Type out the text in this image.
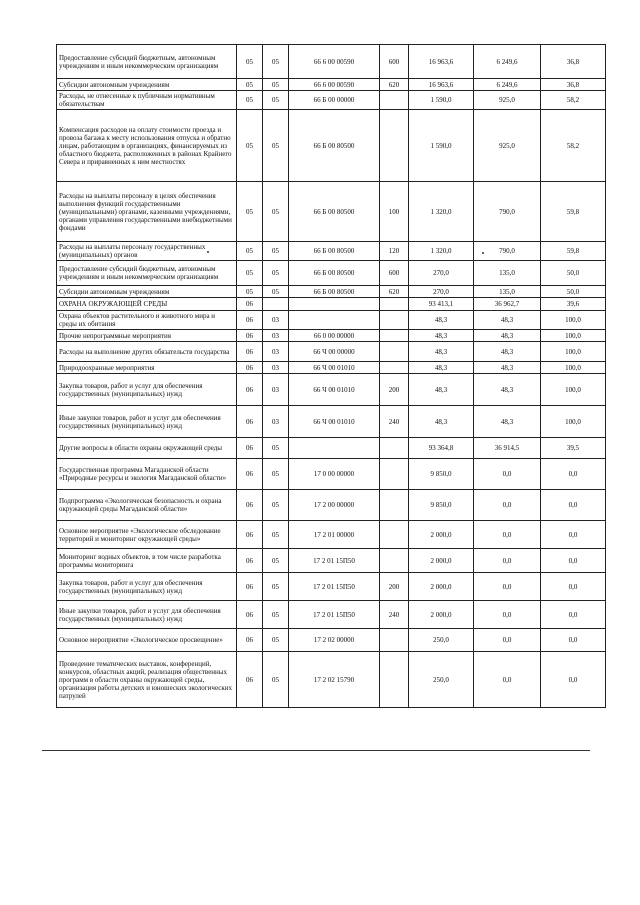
Предоставление субсидий бюджетным, автономным учреждениям и иным некоммерческим организациям	05	05	66 6 00 00590	600	16 963,6	6 249,6	36,8
Субсидии автономным учреждениям	05	05	66 6 00 00590	620	16 963,6	6 249,6	36,8
Расходы, не отнесенные к публичным нормативным обязательствам	05	05	66 Б 00 00000		1 590,0	925,0	58,2
Компенсация расходов на оплату стоимости проезда и провоза багажа к месту использования отпуска и обратно лицам, работающим в организациях, финансируемых из областного бюджета, расположенных в районах Крайнего Севера и приравненных к ним местностях	05	05	66 Б 00 80500		1 590,0	925,0	58,2
Расходы на выплаты персоналу в целях обеспечения выполнения функций государственными (муниципальными) органами, казенными учреждениями, органами управления государственными внебюджетными фондами	05	05	66 Б 00 80500	100	1 320,0	790,0	59,8
Расходы на выплаты персоналу государственных (муниципальных) органов	05	05	66 Б 00 80500	120	1 320,0	790,0	59,8
Предоставление субсидий бюджетным, автономным учреждениям и иным некоммерческим организациям	05	05	66 Б 00 80500	600	270,0	135,0	50,0
Субсидии автономным учреждениям	05	05	66 Б 00 80500	620	270,0	135,0	50,0
ОХРАНА ОКРУЖАЮЩЕЙ СРЕДЫ	06				93 413,1	36 962,7	39,6
Охрана объектов растительного и животного мира и среды их обитания	06	03			48,3	48,3	100,0
Прочие непрограммные мероприятия	06	03	66 0 00 00000		48,3	48,3	100,0
Расходы на выполнение других обязательств государства	06	03	66 Ч 00 00000		48,3	48,3	100,0
Природоохранные мероприятия	06	03	66 Ч 00 01010		48,3	48,3	100,0
Закупка товаров, работ и услуг для обеспечения государственных (муниципальных) нужд	06	03	66 Ч 00 01010	200	48,3	48,3	100,0
Иные закупки товаров, работ и услуг для обеспечения государственных (муниципальных) нужд	06	03	66 Ч 00 01010	240	48,3	48,3	100,0
Другие вопросы в области охраны окружающей среды	06	05			93 364,8	36 914,5	39,5
Государственная программа Магаданской области «Природные ресурсы и экология Магаданской области»	06	05	17 0 00 00000		9 850,0	0,0	0,0
Подпрограмма «Экологическая безопасность и охрана окружающей среды Магаданской области»	06	05	17 2 00 00000		9 850,0	0,0	0,0
Основное мероприятие «Экологическое обследование территорий и мониторинг окружающей среды»	06	05	17 2 01 00000		2 000,0	0,0	0,0
Мониторинг водных объектов, в том числе разработка программы мониторинга	06	05	17 2 01 15П50		2 000,0	0,0	0,0
Закупка товаров, работ и услуг для обеспечения государственных (муниципальных) нужд	06	05	17 2 01 15П50	200	2 000,0	0,0	0,0
Иные закупки товаров, работ и услуг для обеспечения государственных (муниципальных) нужд	06	05	17 2 01 15П50	240	2 000,0	0,0	0,0
Основное мероприятие «Экологическое просвещение»	06	05	17 2 02 00000		250,0	0,0	0,0
Проведение тематических выставок, конференций, конкурсов, областных акций, реализация общественных программ в области охраны окружающей среды, организация работы детских и юношеских экологических патрулей	06	05	17 2 02 15790		250,0	0,0	0,0
